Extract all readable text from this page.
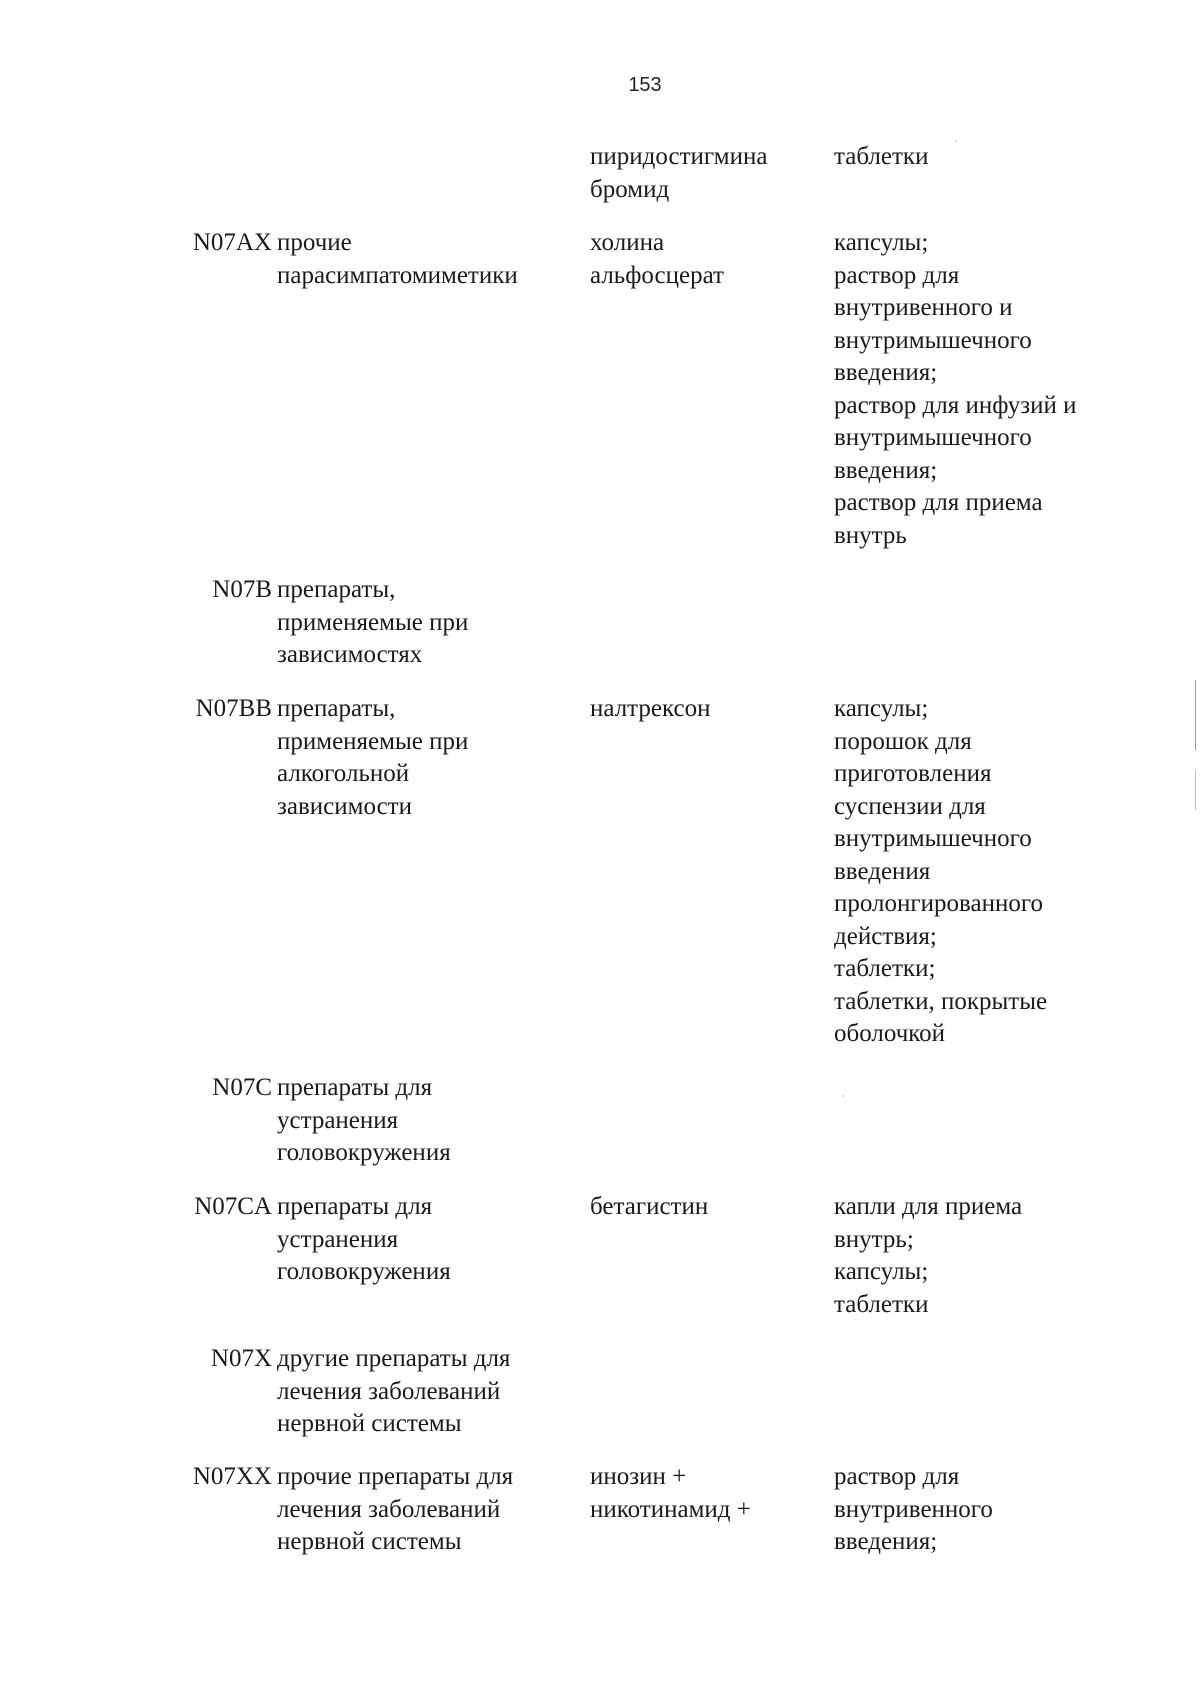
153
пиридостигмина
бромид
таблетки
N07AX прочие
парасимпатомиметики
холина
альфосцерат
капсулы;
раствор для
внутривенного и
внутримышечного
введения;
раствор для инфузий и
внутримышечного
введения;
раствор для приема
внутрь
N07B препараты,
применяемые при
зависимостях
N07BB препараты,
применяемые при
алкогольной
зависимости
налтрексон	капсулы;
порошок для
приготовления
суспензии для
внутримышечного
введения
пролонгированного
действия;
таблетки;
таблетки, покрытые
оболочкой
N07C препараты для
устранения
головокружения
N07CA препараты для
устранения
головокружения
бетагистин	капли для приема
внутрь;
капсулы;
таблетки
N07X другие препараты для
лечения заболеваний
нервной системы
N07XX прочие препараты для
лечения заболеваний
нервной системы
инозин +
никотинамид +
раствор для
внутривенного
введения;
